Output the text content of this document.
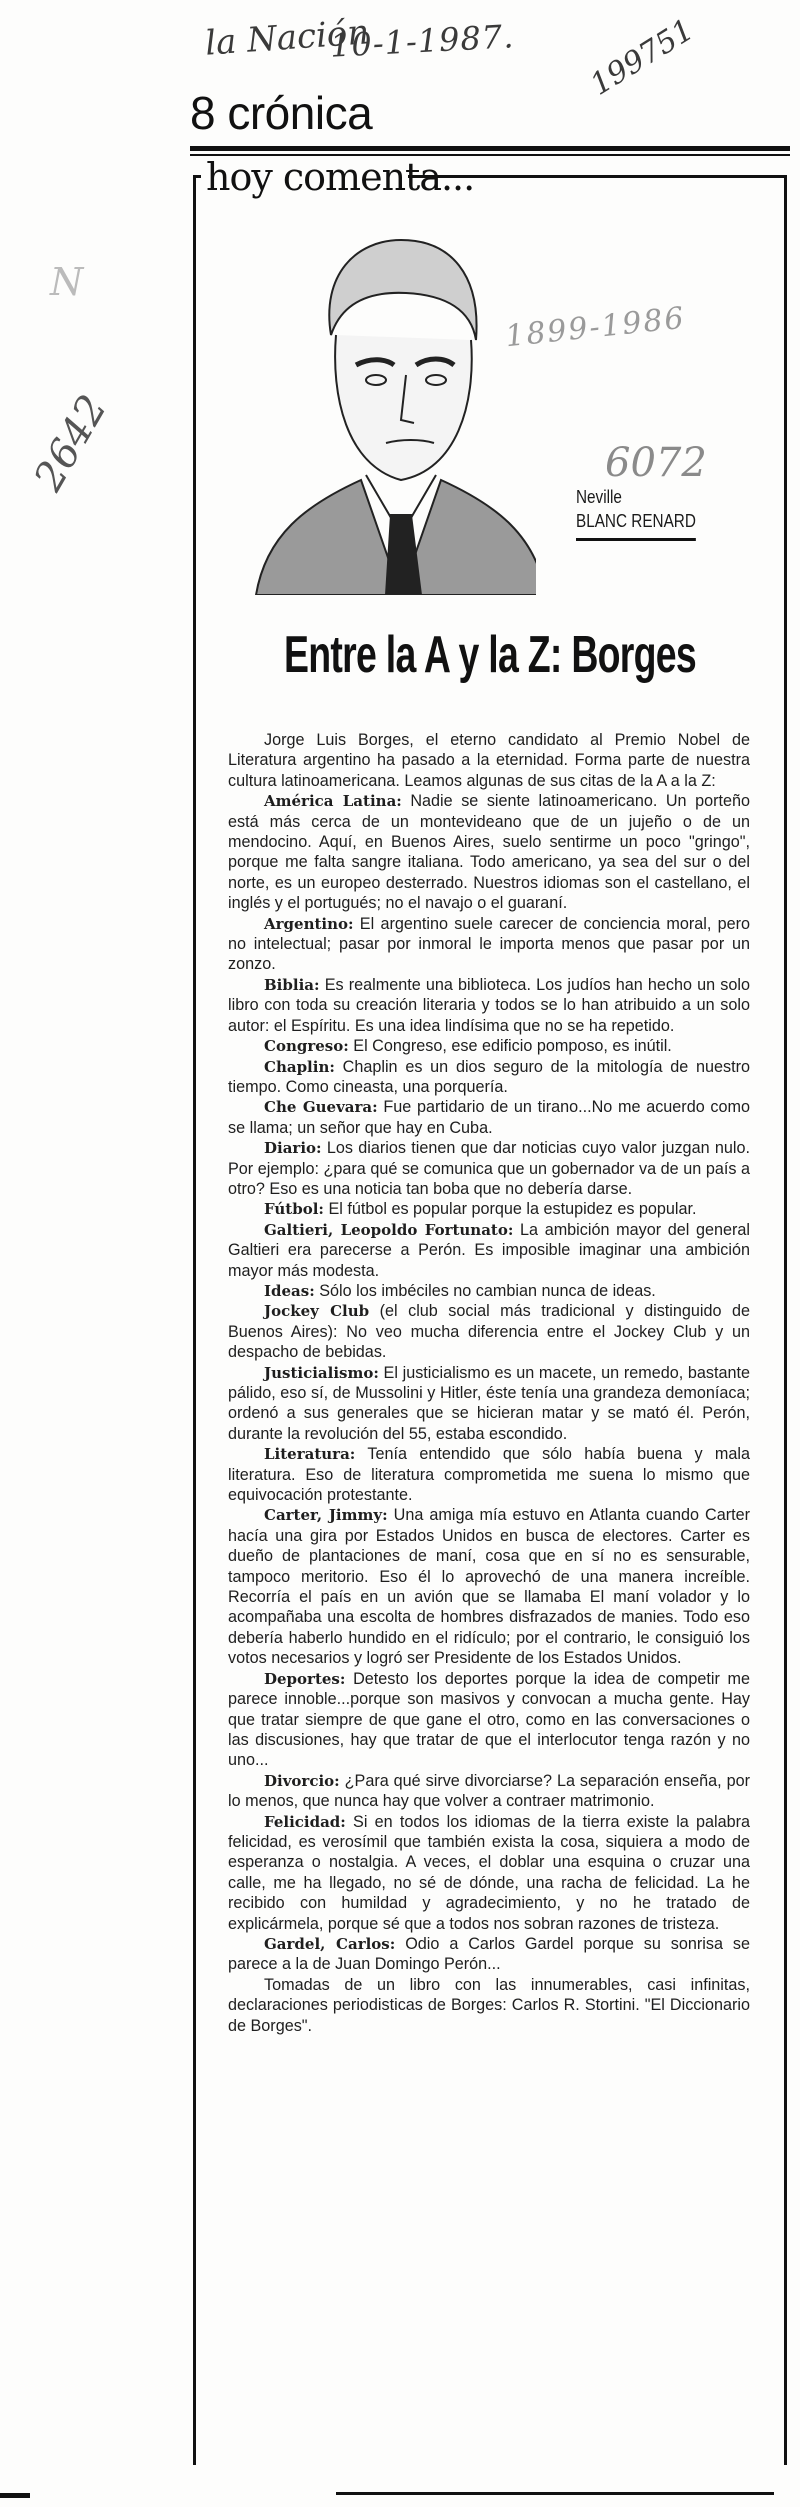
la Nación
10-1-1987. 199751
1899-1986
6072
2642
N
8 crónica
hoy comenta...
Neville
BLANC RENARD
Entre la A y la Z: Borges

Jorge Luis Borges, el eterno candidato al Premio Nobel de Literatura argentino ha pasado a la eternidad. Forma parte de nuestra cultura latinoamericana. Leamos algunas de sus citas de la A a la Z:

América Latina: Nadie se siente latinoamericano. Un porteño está más cerca de un montevideano que de un jujeño o de un mendocino. Aquí, en Buenos Aires, suelo sentirme un poco "gringo", porque me falta sangre italiana. Todo americano, ya sea del sur o del norte, es un europeo desterrado. Nuestros idiomas son el castellano, el inglés y el portugués; no el navajo o el guaraní.

Argentino: El argentino suele carecer de conciencia moral, pero no intelectual; pasar por inmoral le importa menos que pasar por un zonzo.

Biblia: Es realmente una biblioteca. Los judíos han hecho un solo libro con toda su creación literaria y todos se lo han atribuido a un solo autor: el Espíritu. Es una idea lindísima que no se ha repetido.

Congreso: El Congreso, ese edificio pomposo, es inútil.

Chaplin: Chaplin es un dios seguro de la mitología de nuestro tiempo. Como cineasta, una porquería.

Che Guevara: Fue partidario de un tirano...No me acuerdo como se llama; un señor que hay en Cuba.

Diario: Los diarios tienen que dar noticias cuyo valor juzgan nulo. Por ejemplo: ¿para qué se comunica que un gobernador va de un país a otro? Eso es una noticia tan boba que no debería darse.

Fútbol: El fútbol es popular porque la estupidez es popular.

Galtieri, Leopoldo Fortunato: La ambición mayor del general Galtieri era parecerse a Perón. Es imposible imaginar una ambición mayor más modesta.

Ideas: Sólo los imbéciles no cambian nunca de ideas.

Jockey Club (el club social más tradicional y distinguido de Buenos Aires): No veo mucha diferencia entre el Jockey Club y un despacho de bebidas.

Justicialismo: El justicialismo es un macete, un remedo, bastante pálido, eso sí, de Mussolini y Hitler, éste tenía una grandeza demoníaca; ordenó a sus generales que se hicieran matar y se mató él. Perón, durante la revolución del 55, estaba escondido.

Literatura: Tenía entendido que sólo había buena y mala literatura. Eso de literatura comprometida me suena lo mismo que equivocación protestante.

Carter, Jimmy: Una amiga mía estuvo en Atlanta cuando Carter hacía una gira por Estados Unidos en busca de electores. Carter es dueño de plantaciones de maní, cosa que en sí no es sensurable, tampoco meritorio. Eso él lo aprovechó de una manera increíble. Recorría el país en un avión que se llamaba El maní volador y lo acompañaba una escolta de hombres disfrazados de manies. Todo eso debería haberlo hundido en el ridículo; por el contrario, le consiguió los votos necesarios y logró ser Presidente de los Estados Unidos.

Deportes: Detesto los deportes porque la idea de competir me parece innoble...porque son masivos y convocan a mucha gente. Hay que tratar siempre de que gane el otro, como en las conversaciones o las discusiones, hay que tratar de que el interlocutor tenga razón y no uno...

Divorcio: ¿Para qué sirve divorciarse? La separación enseña, por lo menos, que nunca hay que volver a contraer matrimonio.

Felicidad: Si en todos los idiomas de la tierra existe la palabra felicidad, es verosímil que también exista la cosa, siquiera a modo de esperanza o nostalgia. A veces, el doblar una esquina o cruzar una calle, me ha llegado, no sé de dónde, una racha de felicidad. La he recibido con humildad y agradecimiento, y no he tratado de explicármela, porque sé que a todos nos sobran razones de tristeza.

Gardel, Carlos: Odio a Carlos Gardel porque su sonrisa se parece a la de Juan Domingo Perón...

Tomadas de un libro con las innumerables, casi infinitas, declaraciones periodisticas de Borges: Carlos R. Stortini. "El Diccionario de Borges".
